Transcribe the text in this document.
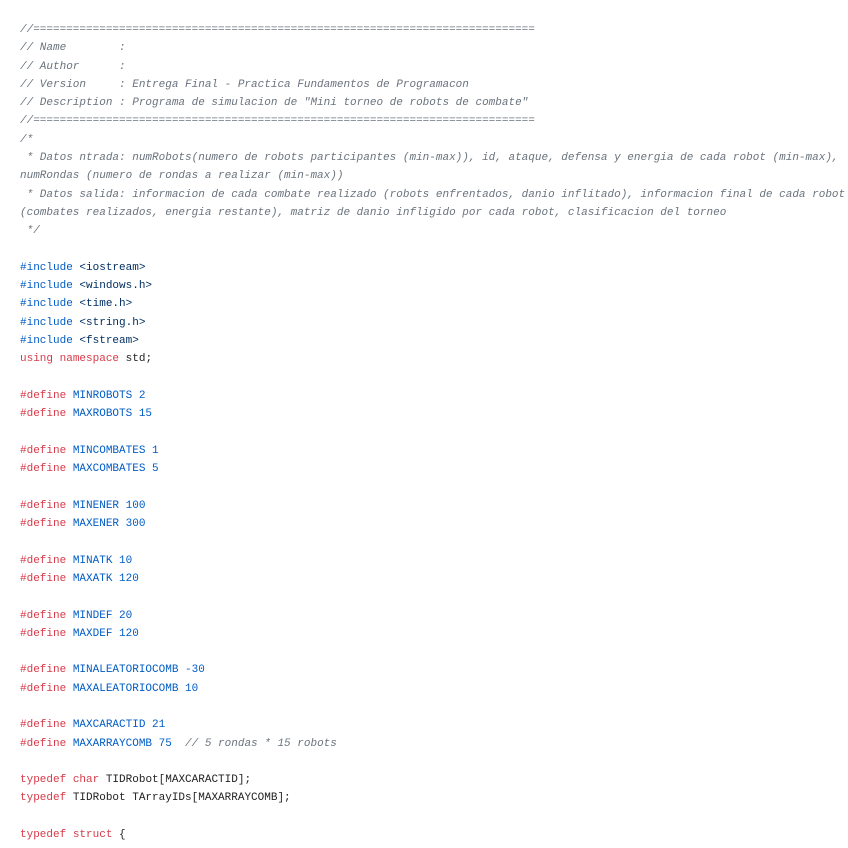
//============================================================================
// Name        :
// Author      :
// Version     : Entrega Final - Practica Fundamentos de Programacon
// Description : Programa de simulacion de "Mini torneo de robots de combate"
//============================================================================
/*
* Datos ntrada: numRobots(numero de robots participantes (min-max)), id, ataque, defensa y energia de cada robot (min-max),
numRondas (numero de rondas a realizar (min-max))
* Datos salida: informacion de cada combate realizado (robots enfrentados, danio inflitado), informacion final de cada robot
(combates realizados, energia restante), matriz de danio infligido por cada robot, clasificacion del torneo
*/
#include <iostream>
#include <windows.h>
#include <time.h>
#include <string.h>
#include <fstream>
using namespace std;
#define MINROBOTS 2
#define MAXROBOTS 15
#define MINCOMBATES 1
#define MAXCOMBATES 5
#define MINENER 100
#define MAXENER 300
#define MINATK 10
#define MAXATK 120
#define MINDEF 20
#define MAXDEF 120
#define MINALEATORIOCOMB -30
#define MAXALEATORIOCOMB 10
#define MAXCARACTID 21
#define MAXARRAYCOMB 75  // 5 rondas * 15 robots
typedef char TIDRobot[MAXCARACTID];
typedef TIDRobot TArrayIDs[MAXARRAYCOMB];
typedef struct {
